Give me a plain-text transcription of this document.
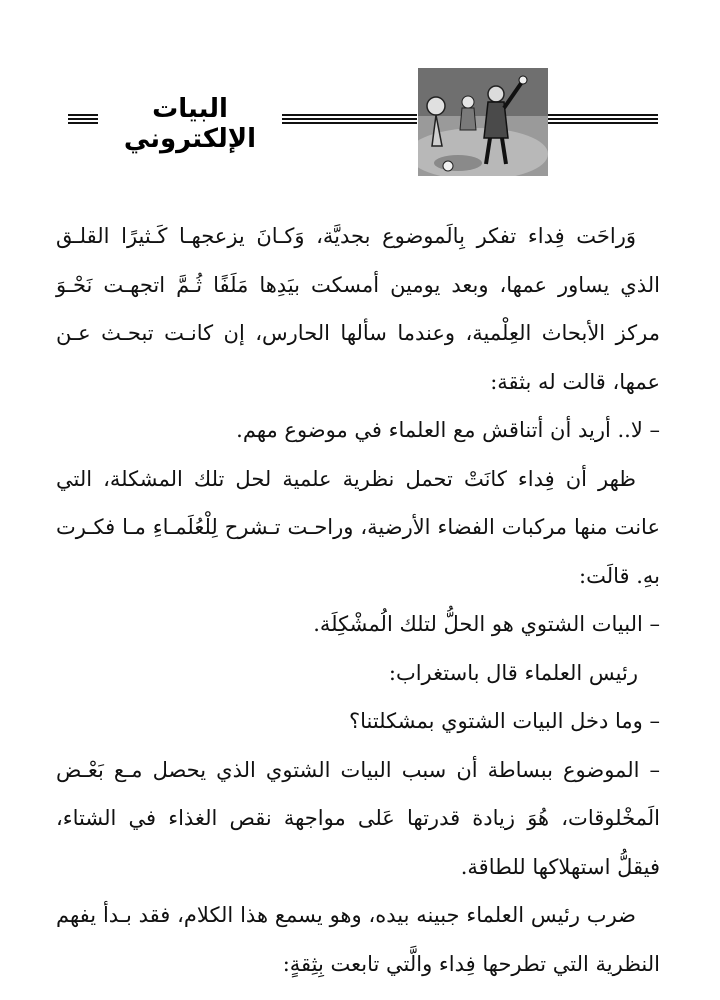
البيات الإلكتروني

وَراحَت فِداء تفكر بِالَموضوع بجديَّة، وَكـانَ يزعجهـا كَـثيرًا القلـق الذي يساور عمها، وبعد يومين أمسكت بيَدِها مَلَفًا ثُـمَّ اتجهـت نَحْـوَ مركز الأبحاث العِلْمية، وعندما سألها الحارس، إن كانـت تبحـث عـن عمها، قالت له بثقة:

– لا.. أريد أن أتناقش مع العلماء في موضوع مهم.

ظهر أن فِداء كانَتْ تحمل نظرية علمية لحل تلك المشكلة، التي عانت منها مركبات الفضاء الأرضية، وراحـت تـشرح لِلْعُلَمـاءِ مـا فكـرت بهِ. قالَت:

– البيات الشتوي هو الحلُّ لتلك الُمشْكِلَة.

رئيس العلماء قال باستغراب:

– وما دخل البيات الشتوي بمشكلتنا؟

– الموضوع ببساطة أن سبب البيات الشتوي الذي يحصل مـع بَعْـض الَمخْلوقات، هُوَ زيادة قدرتها عَلى مواجهة نقص الغذاء في الشتاء، فيقلُّ استهلاكها للطاقة.

ضرب رئيس العلماء جبينه بيده، وهو يسمع هذا الكلام، فقد بـدأ يفهم النظرية التي تطرحها فِداء والَّتي تابعت بِثِقةٍ:
